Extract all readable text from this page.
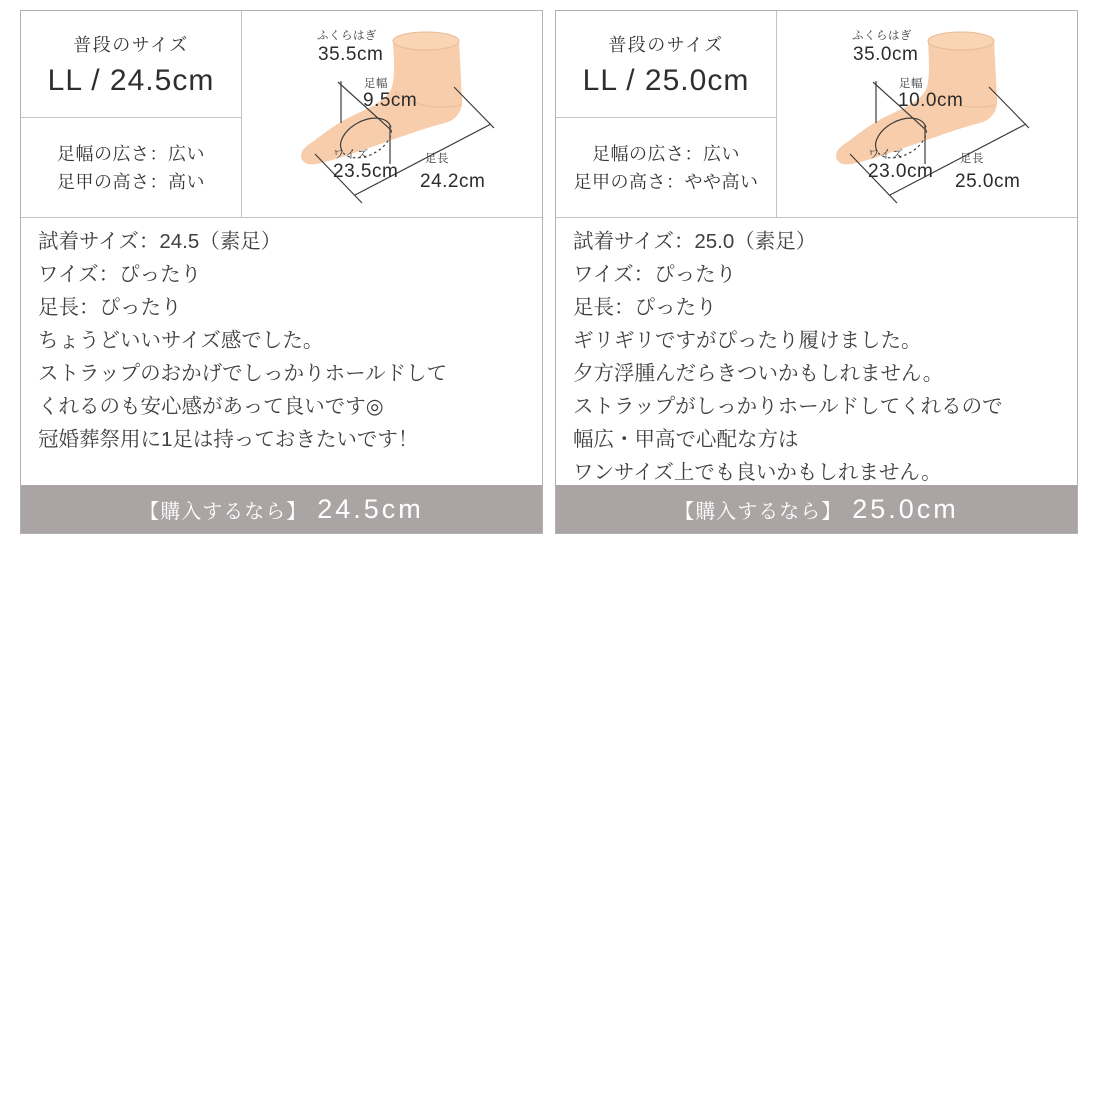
普段のサイズ
LL / 24.5cm
足幅の広さ：広い
足甲の高さ：高い
ふくらはぎ
35.5cm
足幅
9.5cm
ワイズ
23.5cm
足長
24.2cm
試着サイズ：24.5（素足）
ワイズ：ぴったり
足長：ぴったり
ちょうどいいサイズ感でした。
ストラップのおかげでしっかりホールドして
くれるのも安心感があって良いです◎
冠婚葬祭用に1足は持っておきたいです！
【購入するなら】 24.5cm
普段のサイズ
LL / 25.0cm
足幅の広さ：広い
足甲の高さ：やや高い
ふくらはぎ
35.0cm
足幅
10.0cm
ワイズ
23.0cm
足長
25.0cm
試着サイズ：25.0（素足）
ワイズ：ぴったり
足長：ぴったり
ギリギリですがぴったり履けました。
夕方浮腫んだらきついかもしれません。
ストラップがしっかりホールドしてくれるので
幅広・甲高で心配な方は
ワンサイズ上でも良いかもしれません。
【購入するなら】 25.0cm
